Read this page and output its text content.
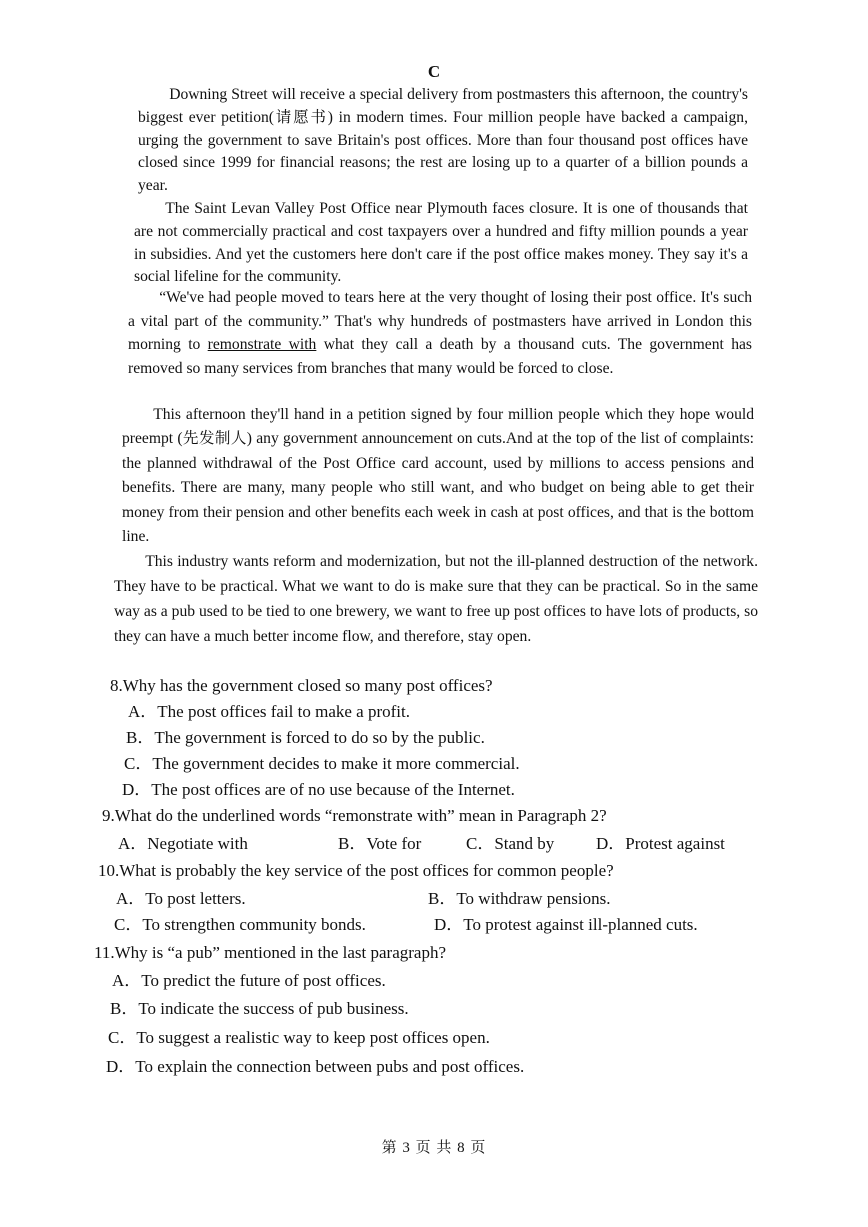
C

Downing Street will receive a special delivery from postmasters this afternoon, the country's biggest ever petition(请愿书) in modern times. Four million people have backed a campaign, urging the government to save Britain's post offices. More than four thousand post offices have closed since 1999 for financial reasons; the rest are losing up to a quarter of a billion pounds a year.

The Saint Levan Valley Post Office near Plymouth faces closure. It is one of thousands that are not commercially practical and cost taxpayers over a hundred and fifty million pounds a year in subsidies. And yet the customers here don't care if the post office makes money. They say it's a social lifeline for the community.

“We've had people moved to tears here at the very thought of losing their post office. It's such a vital part of the community.” That's why hundreds of postmasters have arrived in London this morning to remonstrate with what they call a death by a thousand cuts. The government has removed so many services from branches that many would be forced to close.

This afternoon they'll hand in a petition signed by four million people which they hope would preempt (先发制人) any government announcement on cuts.And at the top of the list of complaints: the planned withdrawal of the Post Office card account, used by millions to access pensions and benefits. There are many, many people who still want, and who budget on being able to get their money from their pension and other benefits each week in cash at post offices, and that is the bottom line.

This industry wants reform and modernization, but not the ill-planned destruction of the network. They have to be practical. What we want to do is make sure that they can be practical. So in the same way as a pub used to be tied to one brewery, we want to free up post offices to have lots of products, so they can have a much better income flow, and therefore, stay open.

8.Why has the government closed so many post offices?
A．The post offices fail to make a profit.
B．The government is forced to do so by the public.
C．The government decides to make it more commercial.
D．The post offices are of no use because of the Internet.
9.What do the underlined words “remonstrate with” mean in Paragraph 2?
A．Negotiate with	B．Vote for	C．Stand by D．Protest against
10.What is probably the key service of the post offices for common people?
A．To post letters.	B．To withdraw pensions.
C．To strengthen community bonds.	D．To protest against ill-planned cuts.
11.Why is “a pub” mentioned in the last paragraph?
A．To predict the future of post offices.
B．To indicate the success of pub business.
C．To suggest a realistic way to keep post offices open.
D．To explain the connection between pubs and post offices.
第 3 页 共 8 页
